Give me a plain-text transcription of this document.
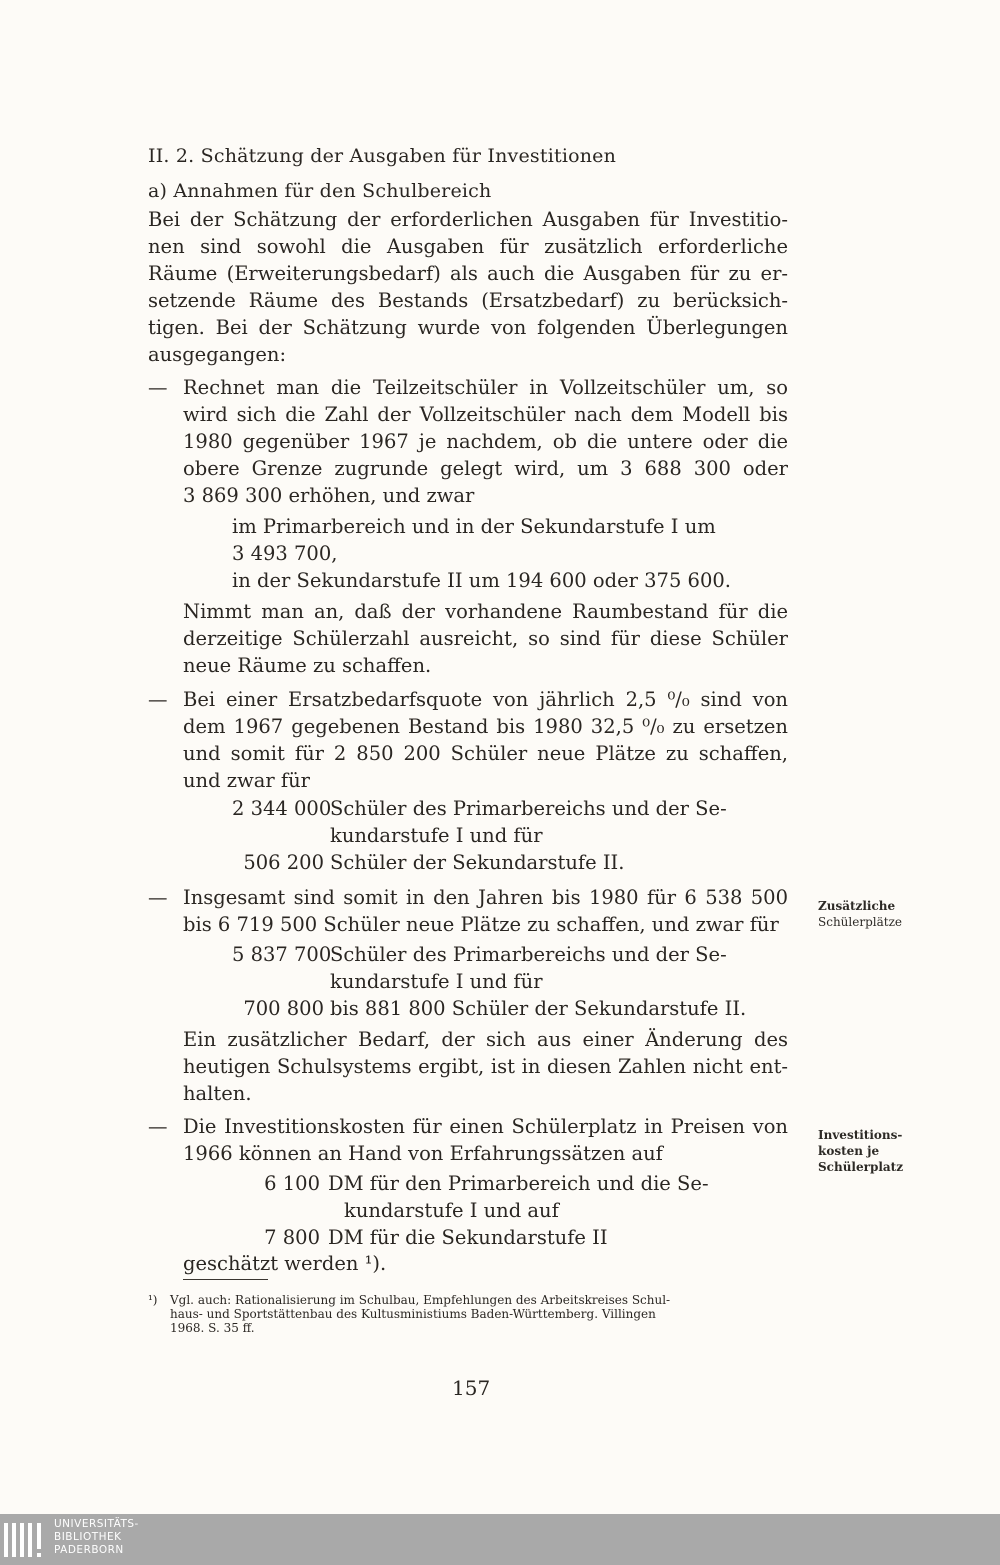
II. 2. Schätzung der Ausgaben für Investitionen
a) Annahmen für den Schulbereich
Bei der Schätzung der erforderlichen Ausgaben für Investitio-
nen sind sowohl die Ausgaben für zusätzlich erforderliche
Räume (Erweiterungsbedarf) als auch die Ausgaben für zu er-
setzende Räume des Bestands (Ersatzbedarf) zu berücksich-
tigen. Bei der Schätzung wurde von folgenden Überlegungen
ausgegangen:
— Rechnet man die Teilzeitschüler in Vollzeitschüler um, so
wird sich die Zahl der Vollzeitschüler nach dem Modell bis
1980 gegenüber 1967 je nachdem, ob die untere oder die
obere Grenze zugrunde gelegt wird, um 3 688 300 oder
3 869 300 erhöhen, und zwar
im Primarbereich und in der Sekundarstufe I um
3 493 700,
in der Sekundarstufe II um 194 600 oder 375 600.
Nimmt man an, daß der vorhandene Raumbestand für die
derzeitige Schülerzahl ausreicht, so sind für diese Schüler
neue Räume zu schaffen.
— Bei einer Ersatzbedarfsquote von jährlich 2,5 ⁰/₀ sind von
dem 1967 gegebenen Bestand bis 1980 32,5 ⁰/₀ zu ersetzen
und somit für 2 850 200 Schüler neue Plätze zu schaffen,
und zwar für
2 344 000
Schüler des Primarbereichs und der Se-
kundarstufe I und für
506 200 Schüler der Sekundarstufe II.
— Insgesamt sind somit in den Jahren bis 1980 für 6 538 500
bis 6 719 500 Schüler neue Plätze zu schaffen, und zwar für
5 837 700
Schüler des Primarbereichs und der Se-
kundarstufe I und für
700 800 bis 881 800 Schüler der Sekundarstufe II.
Ein zusätzlicher Bedarf, der sich aus einer Änderung des
heutigen Schulsystems ergibt, ist in diesen Zahlen nicht ent-
halten.
— Die Investitionskosten für einen Schülerplatz in Preisen von
1966 können an Hand von Erfahrungssätzen auf
6 100 DM für den Primarbereich und die Se-
kundarstufe I und auf
7 800 DM für die Sekundarstufe II
geschätzt werden ¹).
Zusätzliche
Schülerplätze
Investitions-
kosten je
Schülerplatz
¹) Vgl. auch: Rationalisierung im Schulbau, Empfehlungen des Arbeitskreises Schul-
haus- und Sportstättenbau des Kultusministiums Baden-Württemberg. Villingen
1968. S. 35 ff.
157
UNIVERSITÄTS-
BIBLIOTHEK
PADERBORN
